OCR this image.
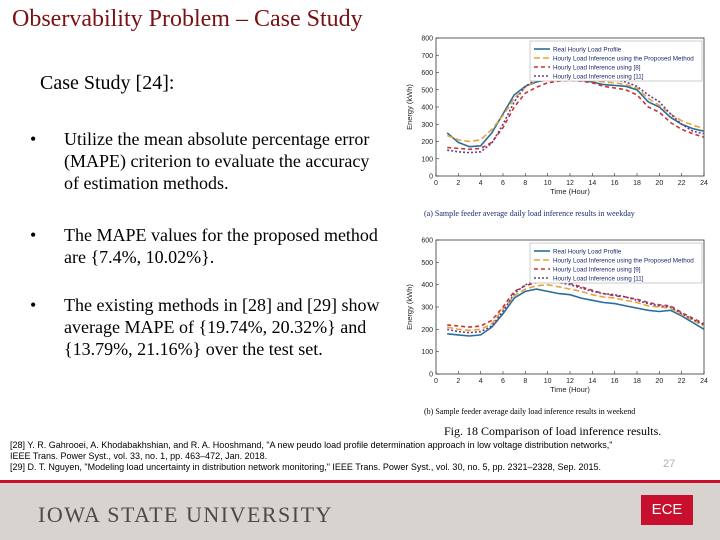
Observability Problem – Case Study
Case Study [24]:
• Utilize the mean absolute percentage error (MAPE) criterion to evaluate the accuracy of estimation methods.
• The MAPE values for the proposed method are {7.4%, 10.02%}.
• The existing methods in [28] and [29] show average MAPE of {19.74%, 20.32%} and {13.79%, 21.16%} over the test set.
0
100
200
300
400
500
600
700
800
0	2	4	6	8 10 12 14 16 18 20 22 24
Time (Hour)
Energy (kWh)
Real Hourly Load Profile
Hourly Load Inference using the Proposed Method
Hourly Load Inference using [8]
Hourly Load Inference using [11]
(a) Sample feeder average daily load inference results in weekday
0
100
200
300
400
500
600
0	2	4	6	8 10 12 14 16 18 20 22 24
Time (Hour)
Energy (kWh)
Real Hourly Load Profile
Hourly Load Inference using the Proposed Method
Hourly Load Inference using [9]
Hourly Load Inference using [11]
(b) Sample feeder average daily load inference results in weekend
Fig. 18 Comparison of load inference results.
[28] Y. R. Gahrooei, A. Khodabakhshian, and R. A. Hooshmand, "A new peudo load profile determination approach in low voltage distribution networks,"
IEEE Trans. Power Syst., vol. 33, no. 1, pp. 463–472, Jan. 2018.
[29] D. T. Nguyen, "Modeling load uncertainty in distribution network monitoring," IEEE Trans. Power Syst., vol. 30, no. 5, pp. 2321–2328, Sep. 2015.	27
IOWA STATE UNIVERSITY	ECE
